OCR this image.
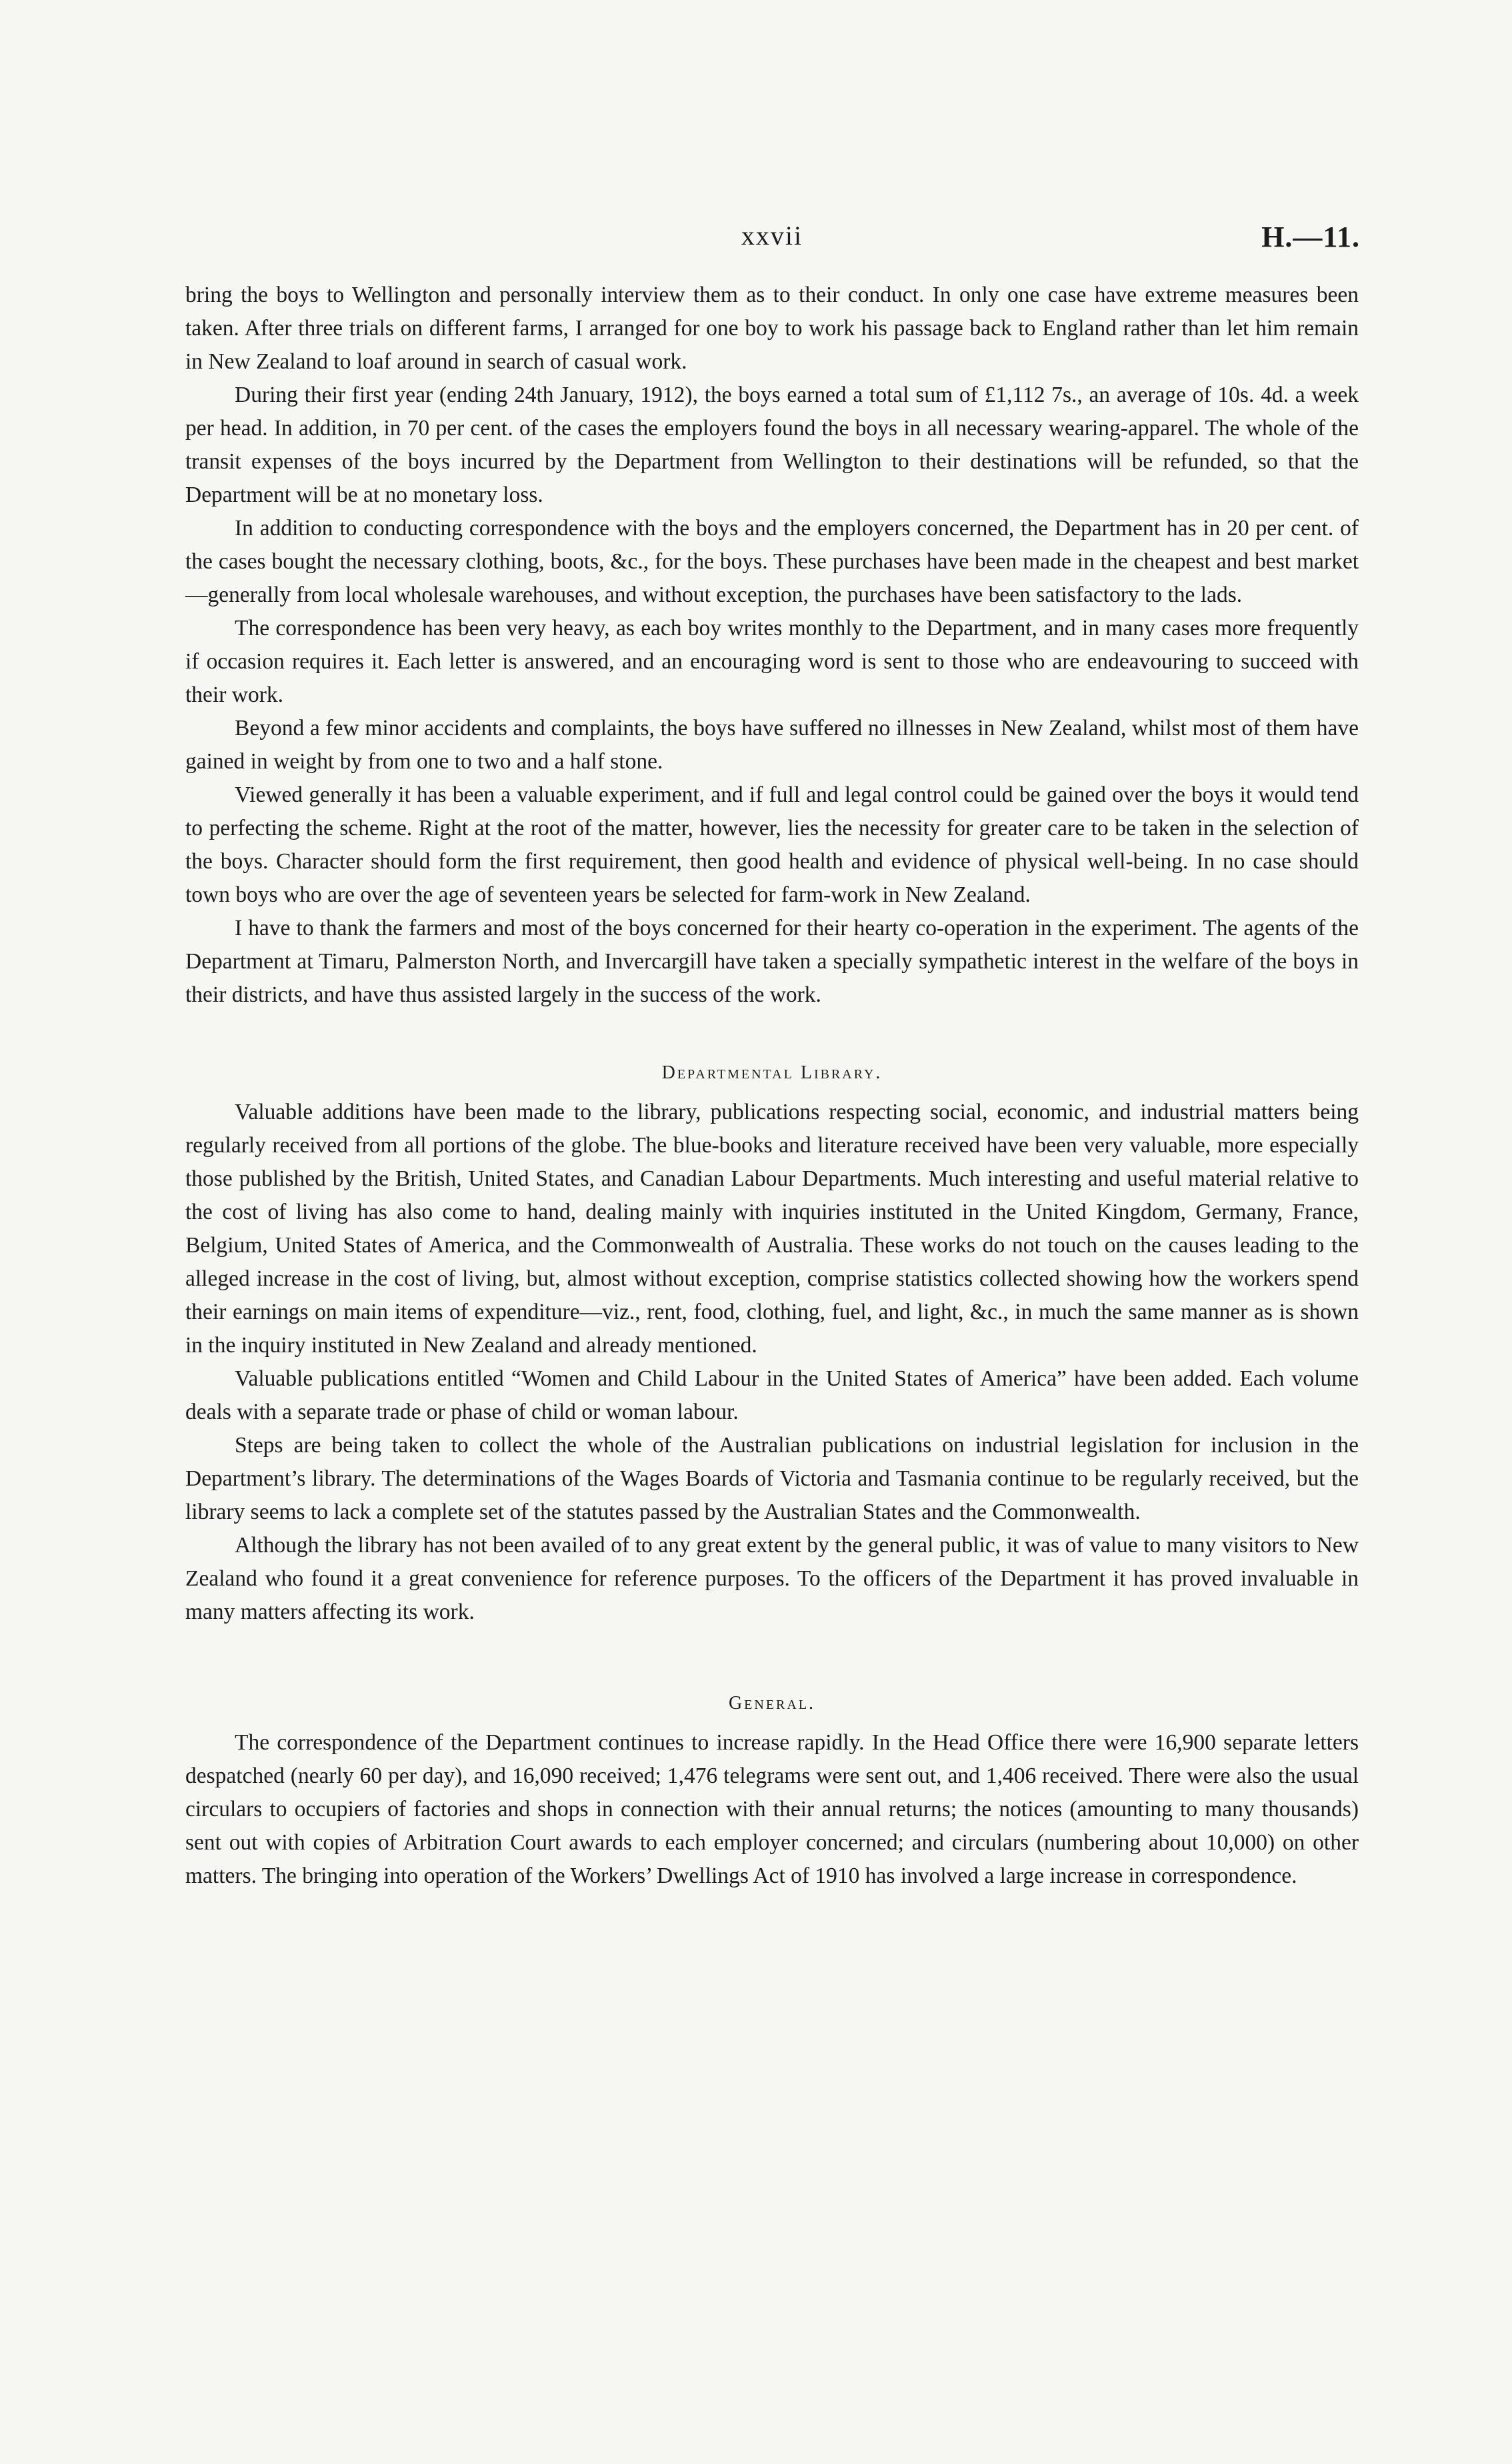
xxvii	H.—11.

bring the boys to Wellington and personally interview them as to their conduct. In only one case have extreme measures been taken. After three trials on different farms, I arranged for one boy to work his passage back to England rather than let him remain in New Zealand to loaf around in search of casual work.

During their first year (ending 24th January, 1912), the boys earned a total sum of £1,112 7s., an average of 10s. 4d. a week per head. In addition, in 70 per cent. of the cases the employers found the boys in all necessary wearing-apparel. The whole of the transit expenses of the boys incurred by the Department from Wellington to their destinations will be refunded, so that the Department will be at no monetary loss.

In addition to conducting correspondence with the boys and the employers concerned, the Department has in 20 per cent. of the cases bought the necessary clothing, boots, &c., for the boys. These purchases have been made in the cheapest and best market—generally from local wholesale warehouses, and without exception, the purchases have been satisfactory to the lads.

The correspondence has been very heavy, as each boy writes monthly to the Department, and in many cases more frequently if occasion requires it. Each letter is answered, and an encouraging word is sent to those who are endeavouring to succeed with their work.

Beyond a few minor accidents and complaints, the boys have suffered no illnesses in New Zealand, whilst most of them have gained in weight by from one to two and a half stone.

Viewed generally it has been a valuable experiment, and if full and legal control could be gained over the boys it would tend to perfecting the scheme. Right at the root of the matter, however, lies the necessity for greater care to be taken in the selection of the boys. Character should form the first requirement, then good health and evidence of physical well-being. In no case should town boys who are over the age of seventeen years be selected for farm-work in New Zealand.

I have to thank the farmers and most of the boys concerned for their hearty co-operation in the experiment. The agents of the Department at Timaru, Palmerston North, and Invercargill have taken a specially sympathetic interest in the welfare of the boys in their districts, and have thus assisted largely in the success of the work.

Departmental Library.

Valuable additions have been made to the library, publications respecting social, economic, and industrial matters being regularly received from all portions of the globe. The blue-books and literature received have been very valuable, more especially those published by the British, United States, and Canadian Labour Departments. Much interesting and useful material relative to the cost of living has also come to hand, dealing mainly with inquiries instituted in the United Kingdom, Germany, France, Belgium, United States of America, and the Commonwealth of Australia. These works do not touch on the causes leading to the alleged increase in the cost of living, but, almost without exception, comprise statistics collected showing how the workers spend their earnings on main items of expenditure—viz., rent, food, clothing, fuel, and light, &c., in much the same manner as is shown in the inquiry instituted in New Zealand and already mentioned.

Valuable publications entitled “Women and Child Labour in the United States of America” have been added. Each volume deals with a separate trade or phase of child or woman labour.

Steps are being taken to collect the whole of the Australian publications on industrial legislation for inclusion in the Department’s library. The determinations of the Wages Boards of Victoria and Tasmania continue to be regularly received, but the library seems to lack a complete set of the statutes passed by the Australian States and the Commonwealth.

Although the library has not been availed of to any great extent by the general public, it was of value to many visitors to New Zealand who found it a great convenience for reference purposes. To the officers of the Department it has proved invaluable in many matters affecting its work.

General.

The correspondence of the Department continues to increase rapidly. In the Head Office there were 16,900 separate letters despatched (nearly 60 per day), and 16,090 received; 1,476 telegrams were sent out, and 1,406 received. There were also the usual circulars to occupiers of factories and shops in connection with their annual returns; the notices (amounting to many thousands) sent out with copies of Arbitration Court awards to each employer concerned; and circulars (numbering about 10,000) on other matters. The bringing into operation of the Workers’ Dwellings Act of 1910 has involved a large increase in correspondence.
